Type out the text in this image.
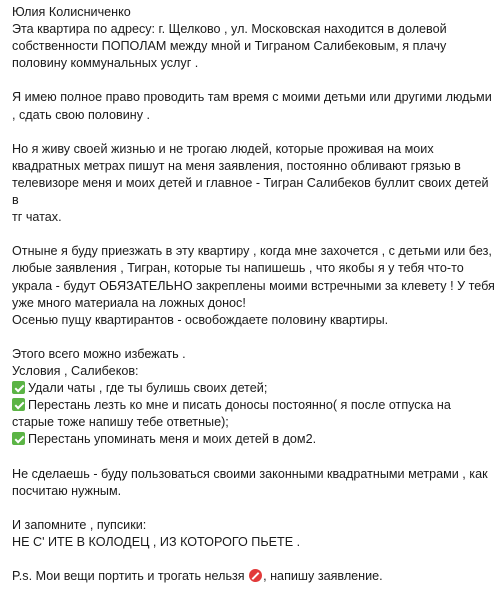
Юлия Колисниченко
Эта квартира по адресу: г. Щелково , ул. Московская находится в долевой
собственности ПОПОЛАМ между мной и Тиграном Салибековым, я плачу
половину коммунальных услуг .
Я имею полное право проводить там время с моими детьми или другими людьми
, сдать свою половину .
Но я живу своей жизнью и не трогаю людей, которые проживая на моих
квадратных метрах пишут на меня заявления, постоянно обливают грязью в
телевизоре меня и моих детей и главное - Тигран Салибеков буллит своих детей в
тг чатах.
Отныне я буду приезжать в эту квартиру , когда мне захочется , с детьми или без,
любые заявления , Тигран, которые ты напишешь , что якобы я у тебя что-то
украла - будут ОБЯЗАТЕЛЬНО закреплены моими встречными за клевету ! У тебя
уже много материала на ложных донос!
Осенью пущу квартирантов - освобождаете половину квартиры.
Этого всего можно избежать .
Условия , Салибеков:
Удали чаты , где ты булишь своих детей;
Перестань лезть ко мне и писать доносы постоянно( я после отпуска на
старые тоже напишу тебе ответные);
Перестань упоминать меня и моих детей в дом2.
Не сделаешь - буду пользоваться своими законными квадратными метрами , как
посчитаю нужным.
И запомните , пупсики:
НЕ С' ИТЕ В КОЛОДЕЦ , ИЗ КОТОРОГО ПЬЕТЕ .
P.s. Мои вещи портить и трогать нельзя , напишу заявление.
